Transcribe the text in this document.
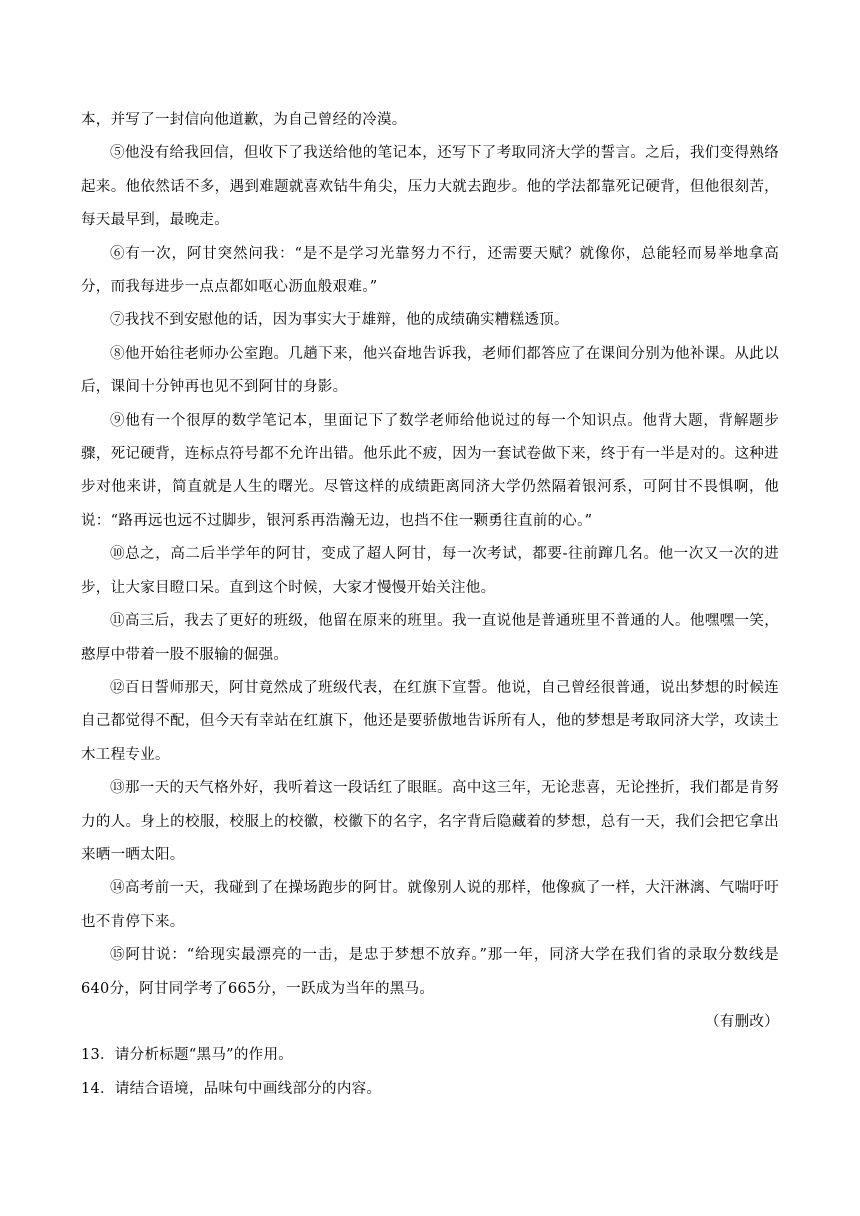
本，并写了一封信向他道歉，为自己曾经的冷漠。

⑤他没有给我回信，但收下了我送给他的笔记本，还写下了考取同济大学的誓言。之后，我们变得熟络起来。他依然话不多，遇到难题就喜欢钻牛角尖，压力大就去跑步。他的学法都靠死记硬背，但他很刻苦，每天最早到，最晚走。

⑥有一次，阿甘突然问我：“是不是学习光靠努力不行，还需要天赋？就像你，总能轻而易举地拿高分，而我每进步一点点都如呕心沥血般艰难。”

⑦我找不到安慰他的话，因为事实大于雄辩，他的成绩确实糟糕透顶。

⑧他开始往老师办公室跑。几趟下来，他兴奋地告诉我，老师们都答应了在课间分别为他补课。从此以后，课间十分钟再也见不到阿甘的身影。

⑨他有一个很厚的数学笔记本，里面记下了数学老师给他说过的每一个知识点。他背大题，背解题步骤，死记硬背，连标点符号都不允许出错。他乐此不疲，因为一套试卷做下来，终于有一半是对的。这种进步对他来讲，简直就是人生的曙光。尽管这样的成绩距离同济大学仍然隔着银河系，可阿甘不畏惧啊，他说：“路再远也远不过脚步，银河系再浩瀚无边，也挡不住一颗勇往直前的心。”

⑩总之，高二后半学年的阿甘，变成了超人阿甘，每一次考试，都要-往前蹿几名。他一次又一次的进步，让大家目瞪口呆。直到这个时候，大家才慢慢开始关注他。

⑪高三后，我去了更好的班级，他留在原来的班里。我一直说他是普通班里不普通的人。他嘿嘿一笑，憨厚中带着一股不服输的倔强。

⑫百日誓师那天，阿甘竟然成了班级代表，在红旗下宣誓。他说，自己曾经很普通，说出梦想的时候连自己都觉得不配，但今天有幸站在红旗下，他还是要骄傲地告诉所有人，他的梦想是考取同济大学，攻读土木工程专业。

⑬那一天的天气格外好，我听着这一段话红了眼眶。高中这三年，无论悲喜，无论挫折，我们都是肯努力的人。身上的校服，校服上的校徽，校徽下的名字，名字背后隐藏着的梦想，总有一天，我们会把它拿出来晒一晒太阳。

⑭高考前一天，我碰到了在操场跑步的阿甘。就像别人说的那样，他像疯了一样，大汗淋漓、气喘吁吁也不肯停下来。

⑮阿甘说：“给现实最漂亮的一击，是忠于梦想不放弃。”那一年，同济大学在我们省的录取分数线是640分，阿甘同学考了665分，一跃成为当年的黑马。

（有删改）

13．请分析标题“黑马”的作用。

14．请结合语境，品味句中画线部分的内容。
